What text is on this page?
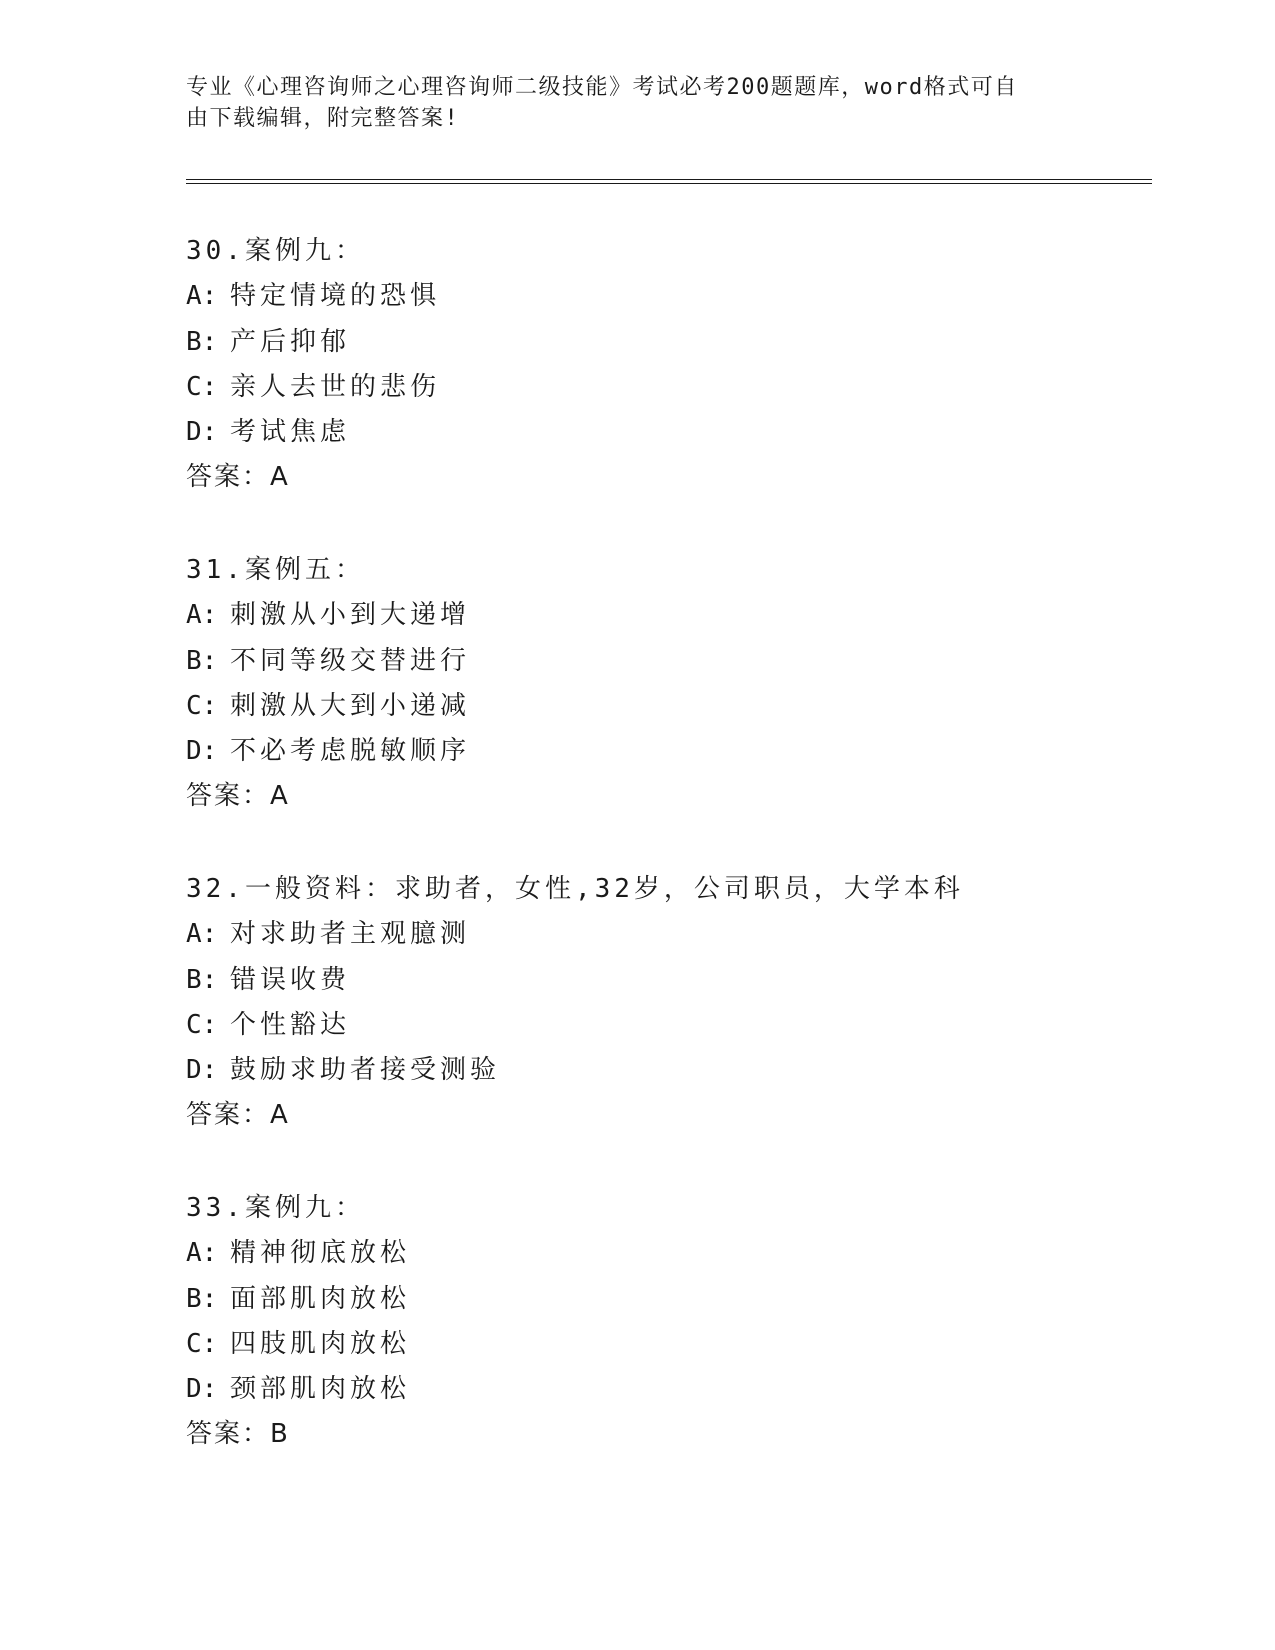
专业《心理咨询师之心理咨询师二级技能》考试必考200题题库，word格式可自
由下载编辑，附完整答案!
30.案例九：
A: 特定情境的恐惧
B: 产后抑郁
C: 亲人去世的悲伤
D: 考试焦虑
答案：A
31.案例五：
A: 刺激从小到大递增
B: 不同等级交替进行
C: 刺激从大到小递减
D: 不必考虑脱敏顺序
答案：A
32.一般资料：求助者，女性,32岁，公司职员，大学本科
A: 对求助者主观臆测
B: 错误收费
C: 个性豁达
D: 鼓励求助者接受测验
答案：A
33.案例九：
A: 精神彻底放松
B: 面部肌肉放松
C: 四肢肌肉放松
D: 颈部肌肉放松
答案：B
